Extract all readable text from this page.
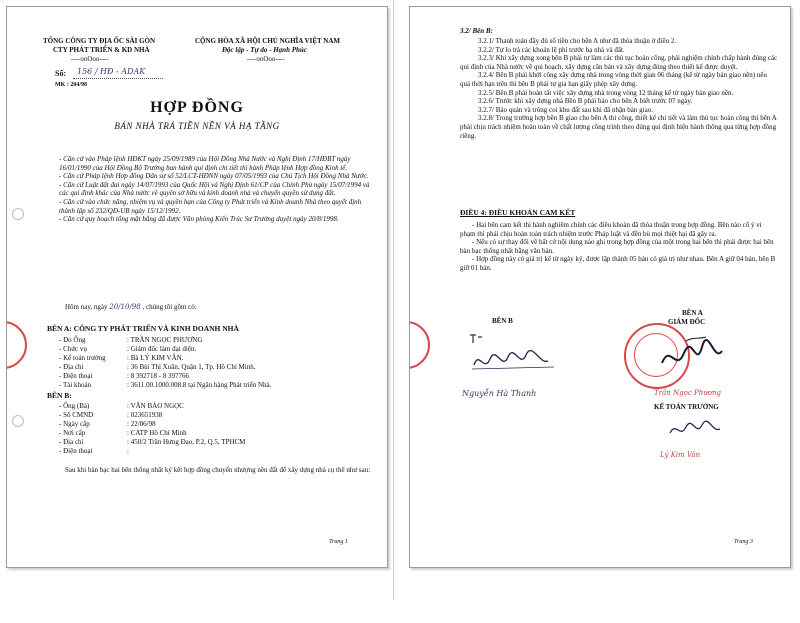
TỔNG CÔNG TY ĐỊA ỐC SÀI GÒN
CTY PHÁT TRIỂN & KD NHÀ
----ooOoo----
CỘNG HÒA XÃ HỘI CHỦ NGHĨA VIỆT NAM
Độc lập - Tự do - Hạnh Phúc
----ooOoo----
Số: 156 / HĐ - ADAK
MK : 204/98
HỢP ĐỒNG
BÁN NHÀ TRẢ TIỀN NỀN VÀ HẠ TẦNG
- Căn cứ vào Pháp lệnh HĐKT ngày 25/09/1989 của Hội Đồng Nhà Nước và Nghị Định 17/HĐBT ngày 16/01/1990 của Hội Đồng Bộ Trưởng ban hành qui định chi tiết thi hành Pháp lệnh Hợp đồng Kinh tế.
- Căn cứ Pháp lệnh Hợp đồng Dân sự số 52/LCT-HĐNN ngày 07/05/1993 của Chủ Tịch Hội Đồng Nhà Nước.
- Căn cứ Luật đất đai ngày 14/07/1993 của Quốc Hội và Nghị Định 61/CP của Chính Phủ ngày 15/07/1994 và các qui định khác của Nhà nước về quyền sở hữu và kinh doanh nhà và chuyển quyền sử dụng đất.
- Căn cứ vào chức năng, nhiệm vụ và quyền hạn của Công ty Phát triển và Kinh doanh Nhà theo quyết định thành lập số 232/QĐ-UB ngày 15/12/1992.
- Căn cứ quy hoạch tổng mặt bằng đã được Văn phòng Kiến Trúc Sư Trưởng duyệt ngày 20/8/1998.
Hôm nay, ngày 20/10/98 , chúng tôi gồm có:
BÊN A: CÔNG TY PHÁT TRIỂN VÀ KINH DOANH NHÀ
- Do Ông	: TRẦN NGỌC PHƯƠNG
- Chức vụ	: Giám đốc làm đại diện.
- Kế toán trưởng	: Bà LÝ KIM VÂN.
- Địa chỉ	: 36 Bùi Thị Xuân, Quận 1, Tp. Hồ Chí Minh.
- Điện thoại	: 8 392718 - 8 397766
- Tài khoản	: 3611.00.1000.008.8 tại Ngân hàng Phát triển Nhà.
BÊN B:
- Ông (Bà)	: VĂN BẢO NGỌC
- Số CMND	: 023651938
- Ngày cấp	: 22/06/98
- Nơi cấp	: CATP Hồ Chí Minh
- Địa chỉ	: 450/2 Trần Hưng Đạo, P.2, Q.5, TPHCM
- Điện thoại	:
Sau khi bàn bạc hai bên thống nhất ký kết hợp đồng chuyển nhượng nền đất để xây dựng nhà cụ thể như sau:
Trang 1
3.2/ Bên B:
3.2.1/ Thanh toán đầy đủ số tiền cho bên A như đã thỏa thuận ở điều 2.
3.2.2/ Tự lo trả các khoản lệ phí trước bạ nhà và đất.
3.2.3/ Khi xây dựng xong bên B phải tự làm các thủ tục hoàn công, phải nghiệm chỉnh chấp hành đúng các qui định của Nhà nước về qui hoạch, xây dựng căn bản và xây dựng đúng theo thiết kế được duyệt.
3.2.4/ Bên B phải khởi công xây dựng nhà trong vòng thời gian 06 tháng (kể từ ngày bàn giao nền) nếu quá thời hạn trên thì bên B phải tự gia hạn giấy phép xây dựng.
3.2.5/ Bên B phải hoàn tất việc xây dựng nhà trong vòng 12 tháng kể từ ngày bàn giao nền.
3.2.6/ Trước khi xây dựng nhà Bên B phải báo cho bên A biết trước 07 ngày.
3.2.7/ Bảo quản và trông coi khu đất sau khi đã nhận bàn giao.
3.2.8/ Trong trường hợp bên B giao cho bên A thi công, thiết kế chi tiết và làm thủ tục hoàn công thì bên A phải chịu trách nhiệm hoàn toàn về chất lượng công trình theo đúng qui định hiện hành thông qua từng hợp đồng riêng.
ĐIỀU 4: ĐIỀU KHOẢN CAM KẾT
- Hai bên cam kết thi hành nghiêm chỉnh các điều khoản đã thỏa thuận trong hợp đồng. Bên nào cố ý vi phạm thì phải chịu hoàn toàn trách nhiệm trước Pháp luật và đền bù mọi thiệt hại đã gây ra.
- Nếu có sự thay đổi về bất cứ nội dung nào ghi trong hợp đồng của một trong hai bên thì phải được hai bên bàn bạc thống nhất bằng văn bản.
- Hợp đồng này có giá trị kể từ ngày ký, được lập thành 05 bản có giá trị như nhau. Bên A giữ 04 bản, bên B giữ 01 bản.
BÊN B
BÊN A
GIÁM ĐỐC
Nguyễn Hà Thanh	Trần Ngọc Phương
KẾ TOÁN TRƯỞNG
Lý Kim Vân
Trang 3
